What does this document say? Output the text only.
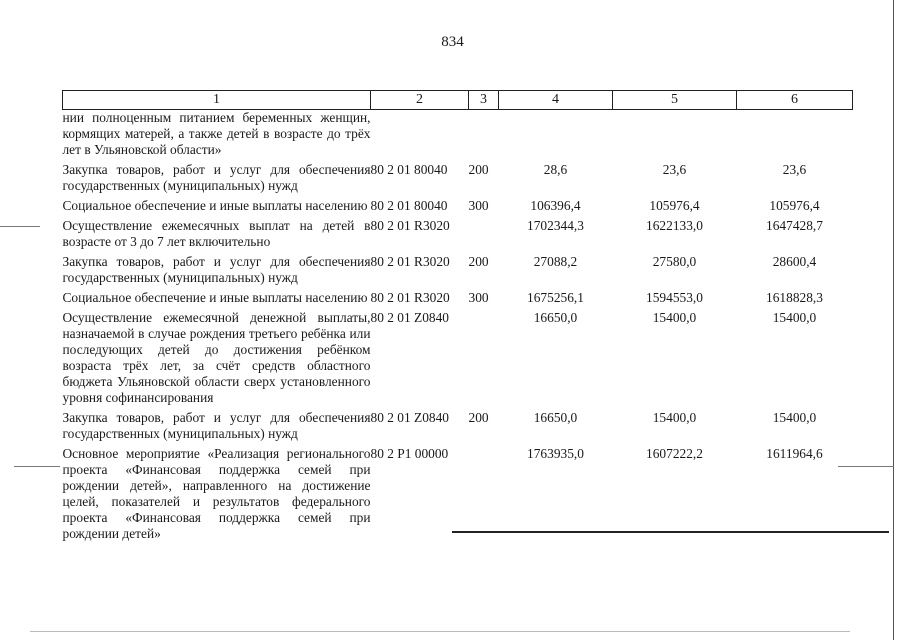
834
1	2	3	4	5	6
нии полноценным питанием беременных женщин, кормящих матерей, а также детей в возрасте до трёх лет в Ульяновской области»					
Закупка товаров, работ и услуг для обеспечения государственных (муниципальных) нужд	80 2 01 80040	200	28,6	23,6	23,6
Социальное обеспечение и иные выплаты населению	80 2 01 80040	300	106396,4	105976,4	105976,4
Осуществление ежемесячных выплат на детей в возрасте от 3 до 7 лет включительно	80 2 01 R3020		1702344,3	1622133,0	1647428,7
Закупка товаров, работ и услуг для обеспечения государственных (муниципальных) нужд	80 2 01 R3020	200	27088,2	27580,0	28600,4
Социальное обеспечение и иные выплаты населению	80 2 01 R3020	300	1675256,1	1594553,0	1618828,3
Осуществление ежемесячной денежной выплаты, назначаемой в случае рождения третьего ребёнка или последующих детей до достижения ребёнком возраста трёх лет, за счёт средств областного бюджета Ульяновской области сверх установленного уровня софинансирования	80 2 01 Z0840		16650,0	15400,0	15400,0
Закупка товаров, работ и услуг для обеспечения государственных (муниципальных) нужд	80 2 01 Z0840	200	16650,0	15400,0	15400,0
Основное мероприятие «Реализация регионального проекта «Финансовая поддержка семей при рождении детей», направленного на достижение целей, показателей и результатов федерального проекта «Финансовая поддержка семей при рождении детей»	80 2 P1 00000		1763935,0	1607222,2	1611964,6
